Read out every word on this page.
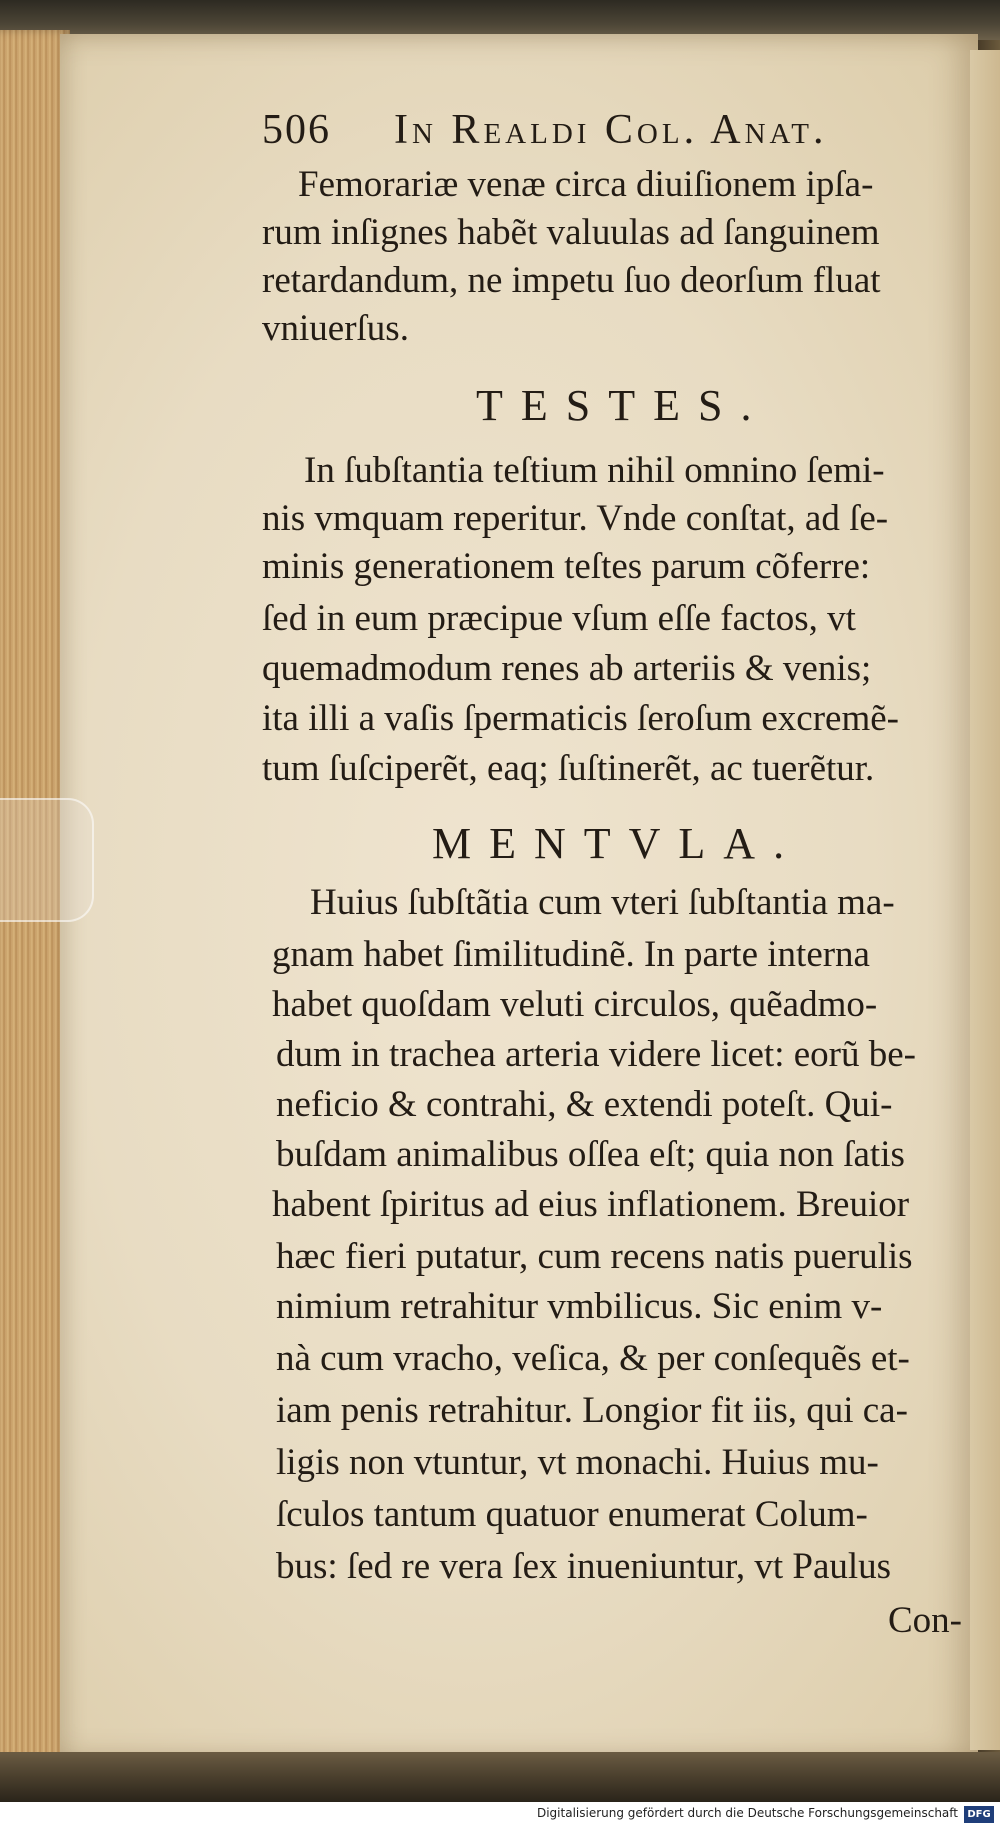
506 In Realdi Col. Anat.
Femorariæ venæ circa diuiſionem ipſa-
rum inſignes habẽt valuulas ad ſanguinem
retardandum, ne impetu ſuo deorſum fluat
vniuerſus.
TESTES.
In ſubſtantia teſtium nihil omnino ſemi-
nis vmquam reperitur. Vnde conſtat, ad ſe-
minis generationem teſtes parum cõferre:
ſed in eum præcipue vſum eſſe factos, vt
quemadmodum renes ab arteriis & venis;
ita illi a vaſis ſpermaticis ſeroſum excremẽ-
tum ſuſciperẽt, eaq; ſuſtinerẽt, ac tuerẽtur.
MENTVLA.
Huius ſubſtãtia cum vteri ſubſtantia ma-
gnam habet ſimilitudinẽ. In parte interna
habet quoſdam veluti circulos, quẽadmo-
dum in trachea arteria videre licet: eorũ be-
neficio & contrahi, & extendi poteſt. Qui-
buſdam animalibus oſſea eſt; quia non ſatis
habent ſpiritus ad eius inflationem. Breuior
hæc fieri putatur, cum recens natis puerulis
nimium retrahitur vmbilicus. Sic enim v-
nà cum vracho, veſica, & per conſequẽs et-
iam penis retrahitur. Longior fit iis, qui ca-
ligis non vtuntur, vt monachi. Huius mu-
ſculos tantum quatuor enumerat Colum-
bus: ſed re vera ſex inueniuntur, vt Paulus
Con-
Digitalisierung gefördert durch die Deutsche Forschungsgemeinschaft DFG
